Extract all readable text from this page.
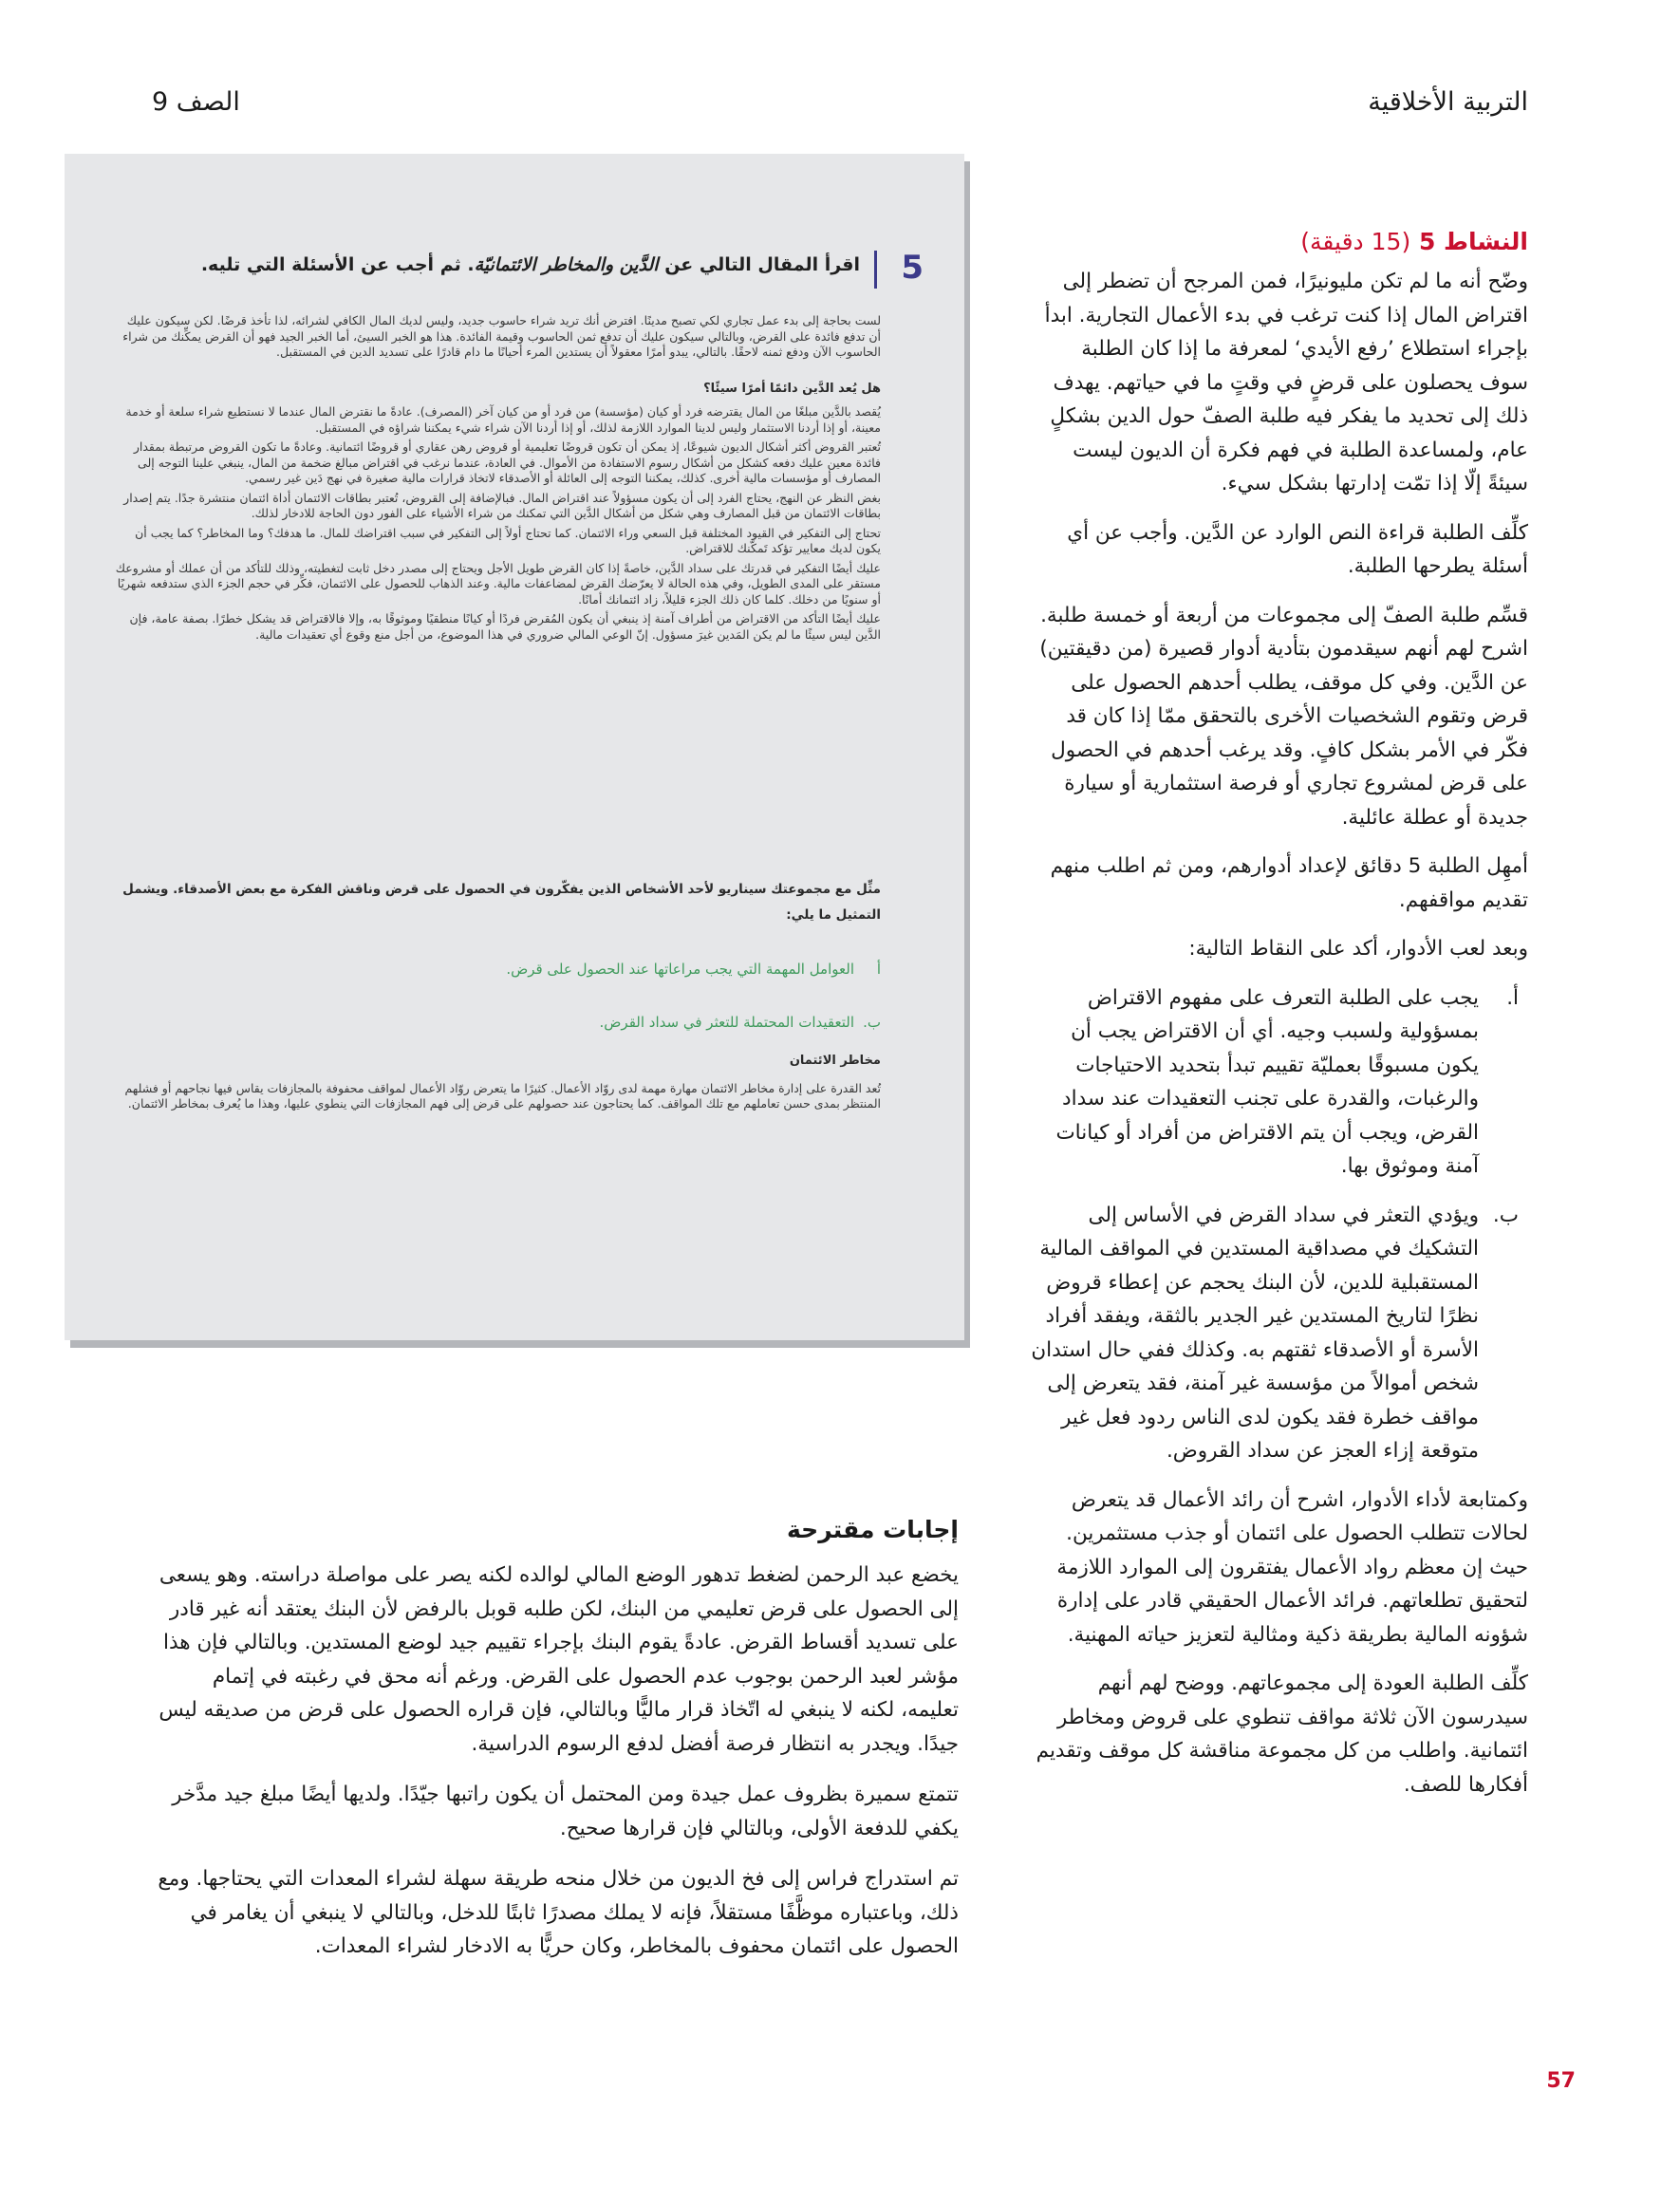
التربية الأخلاقية
الصف 9
النشاط 5 (15 دقيقة)

وضّح أنه ما لم تكن مليونيرًا، فمن المرجح أن تضطر إلى اقتراض المال إذا كنت ترغب في بدء الأعمال التجارية. ابدأ بإجراء استطلاع ’رفع الأيدي‘ لمعرفة ما إذا كان الطلبة سوف يحصلون على قرضٍ في وقتٍ ما في حياتهم. يهدف ذلك إلى تحديد ما يفكر فيه طلبة الصفّ حول الدين بشكلٍ عام، ولمساعدة الطلبة في فهم فكرة أن الديون ليست سيئةً إلّا إذا تمّت إدارتها بشكل سيء.

كلِّف الطلبة قراءة النص الوارد عن الدَّين. وأجب عن أي أسئلة يطرحها الطلبة.

قسِّم طلبة الصفّ إلى مجموعات من أربعة أو خمسة طلبة. اشرح لهم أنهم سيقدمون بتأدية أدوار قصيرة (من دقيقتين) عن الدَّين. وفي كل موقف، يطلب أحدهم الحصول على قرض وتقوم الشخصيات الأخرى بالتحقق ممّا إذا كان قد فكّر في الأمر بشكل كافٍ. وقد يرغب أحدهم في الحصول على قرض لمشروع تجاري أو فرصة استثمارية أو سيارة جديدة أو عطلة عائلية.

أمهِل الطلبة 5 دقائق لإعداد أدوارهم، ومن ثم اطلب منهم تقديم مواقفهم.

وبعد لعب الأدوار، أكد على النقاط التالية:

أ.
يجب على الطلبة التعرف على مفهوم الاقتراض بمسؤولية ولسبب وجيه. أي أن الاقتراض يجب أن يكون مسبوقًا بعمليّة تقييم تبدأ بتحديد الاحتياجات والرغبات، والقدرة على تجنب التعقيدات عند سداد القرض، ويجب أن يتم الاقتراض من أفراد أو كيانات آمنة وموثوق بها.
ب.
ويؤدي التعثر في سداد القرض في الأساس إلى التشكيك في مصداقية المستدين في المواقف المالية المستقبلية للدين، لأن البنك يحجم عن إعطاء قروض نظرًا لتاريخ المستدين غير الجدير بالثقة، ويفقد أفراد الأسرة أو الأصدقاء ثقتهم به. وكذلك ففي حال استدان شخص أموالاً من مؤسسة غير آمنة، فقد يتعرض إلى مواقف خطرة فقد يكون لدى الناس ردود فعل غير متوقعة إزاء العجز عن سداد القروض.

وكمتابعة لأداء الأدوار، اشرح أن رائد الأعمال قد يتعرض لحالات تتطلب الحصول على ائتمان أو جذب مستثمرين. حيث إن معظم رواد الأعمال يفتقرون إلى الموارد اللازمة لتحقيق تطلعاتهم. فرائد الأعمال الحقيقي قادر على إدارة شؤونه المالية بطريقة ذكية ومثالية لتعزيز حياته المهنية.

كلِّف الطلبة العودة إلى مجموعاتهم. ووضح لهم أنهم سيدرسون الآن ثلاثة مواقف تنطوي على قروض ومخاطر ائتمانية. واطلب من كل مجموعة مناقشة كل موقف وتقديم أفكارها للصف.

5
اقرأ المقال التالي عن الدَّين والمخاطر الائتمانيّة. ثم أجب عن الأسئلة التي تليه.

لست بحاجة إلى بدء عمل تجاري لكي تصبح مدينًا. افترض أنك تريد شراء حاسوب جديد، وليس لديك المال الكافي لشرائه، لذا تأخذ قرضًا. لكن سيكون عليك أن تدفع فائدة على القرض، وبالتالي سيكون عليك أن تدفع ثمن الحاسوب وقيمة الفائدة. هذا هو الخبر السيئ، أما الخبر الجيد فهو أن القرض يمكِّنك من شراء الحاسوب الآن ودفع ثمنه لاحقًا. بالتالي، يبدو أمرًا معقولاً أن يستدين المرء أحيانًا ما دام قادرًا على تسديد الدين في المستقبل.

هل يُعد الدَّين دائمًا أمرًا سيئًا؟

يُقصد بالدَّين مبلغًا من المال يقترضه فرد أو كيان (مؤسسة) من فرد أو من كيان آخر (المصرف). عادةً ما نقترض المال عندما لا نستطيع شراء سلعة أو خدمة معينة، أو إذا أردنا الاستثمار وليس لدينا الموارد اللازمة لذلك، أو إذا أردنا الآن شراء شيء يمكننا شراؤه في المستقبل.

تُعتبر القروض أكثر أشكال الديون شيوعًا، إذ يمكن أن تكون قروضًا تعليمية أو قروض رهن عقاري أو قروضًا ائتمانية. وعادةً ما تكون القروض مرتبطة بمقدار فائدة معين عليك دفعه كشكل من أشكال رسوم الاستفادة من الأموال. في العادة، عندما نرغب في اقتراض مبالغ ضخمة من المال، ينبغي علينا التوجه إلى المصارف أو مؤسسات مالية أخرى. كذلك، يمكننا التوجه إلى العائلة أو الأصدقاء لاتخاذ قرارات مالية صغيرة في نهج دَين غير رسمي.

بغض النظر عن النهج، يحتاج الفرد إلى أن يكون مسؤولاً عند اقتراض المال. فبالإضافة إلى القروض، تُعتبر بطاقات الائتمان أداة ائتمان منتشرة جدًا. يتم إصدار بطاقات الائتمان من قبل المصارف وهي شكل من أشكال الدَّين التي تمكنك من شراء الأشياء على الفور دون الحاجة للادخار لذلك.

تحتاج إلى التفكير في القيود المختلفة قبل السعي وراء الائتمان. كما تحتاج أولاً إلى التفكير في سبب اقتراضك للمال. ما هدفك؟ وما المخاطر؟ كما يجب أن يكون لديك معايير تؤكد تَمكّنك للاقتراض.

عليك أيضًا التفكير في قدرتك على سداد الدَّين، خاصةً إذا كان القرض طويل الأجل ويحتاج إلى مصدر دخل ثابت لتغطيته، وذلك للتأكد من أن عملك أو مشروعك مستقر على المدى الطويل، وفي هذه الحالة لا يعرّضك القرض لمضاعفات مالية. وعند الذهاب للحصول على الائتمان، فكِّر في حجم الجزء الذي ستدفعه شهريًا أو سنويًا من دخلك. كلما كان ذلك الجزء قليلاً، زاد ائتمانك أمانًا.

عليك أيضًا التأكد من الاقتراض من أطراف آمنة إذ ينبغي أن يكون المُقرض فردًا أو كيانًا منطقيًا وموثوقًا به، وإلا فالاقتراض قد يشكل خطرًا. بصفة عامة، فإن الدَّين ليس سيئًا ما لم يكن المَدين غيرَ مسؤول. إنّ الوعي المالي ضروري في هذا الموضوع، من أجل منع وقوع أي تعقيدات مالية.

مثِّل مع مجموعتك سيناريو لأحد الأشخاص الذين يفكّرون في الحصول على قرض وناقش الفكرة مع بعض الأصدقاء. ويشمل التمثيل ما يلي:
أالعوامل المهمة التي يجب مراعاتها عند الحصول على قرض.
ب.التعقيدات المحتملة للتعثر في سداد القرض.
مخاطر الائتمان

تُعد القدرة على إدارة مخاطر الائتمان مهارة مهمة لدى روّاد الأعمال. كثيرًا ما يتعرض روّاد الأعمال لمواقف محفوفة بالمجازفات يقاس فيها نجاحهم أو فشلهم المنتظر بمدى حسن تعاملهم مع تلك المواقف. كما يحتاجون عند حصولهم على قرض إلى فهم المجازفات التي ينطوي عليها، وهذا ما يُعرف بمخاطر الائتمان.

إجابات مقترحة

يخضع عبد الرحمن لضغط تدهور الوضع المالي لوالده لكنه يصر على مواصلة دراسته. وهو يسعى إلى الحصول على قرض تعليمي من البنك، لكن طلبه قوبل بالرفض لأن البنك يعتقد أنه غير قادر على تسديد أقساط القرض. عادةً يقوم البنك بإجراء تقييم جيد لوضع المستدين. وبالتالي فإن هذا مؤشر لعبد الرحمن بوجوب عدم الحصول على القرض. ورغم أنه محق في رغبته في إتمام تعليمه، لكنه لا ينبغي له اتّخاذ قرار ماليًّا وبالتالي، فإن قراره الحصول على قرض من صديقه ليس جيدًا. ويجدر به انتظار فرصة أفضل لدفع الرسوم الدراسية.

تتمتع سميرة بظروف عمل جيدة ومن المحتمل أن يكون راتبها جيّدًا. ولديها أيضًا مبلغ جيد مدَّخر يكفي للدفعة الأولى، وبالتالي فإن قرارها صحيح.

تم استدراج فراس إلى فخ الديون من خلال منحه طريقة سهلة لشراء المعدات التي يحتاجها. ومع ذلك، وباعتباره موظَّفًا مستقلاً، فإنه لا يملك مصدرًا ثابتًا للدخل، وبالتالي لا ينبغي أن يغامر في الحصول على ائتمان محفوف بالمخاطر، وكان حريًّا به الادخار لشراء المعدات.

57
